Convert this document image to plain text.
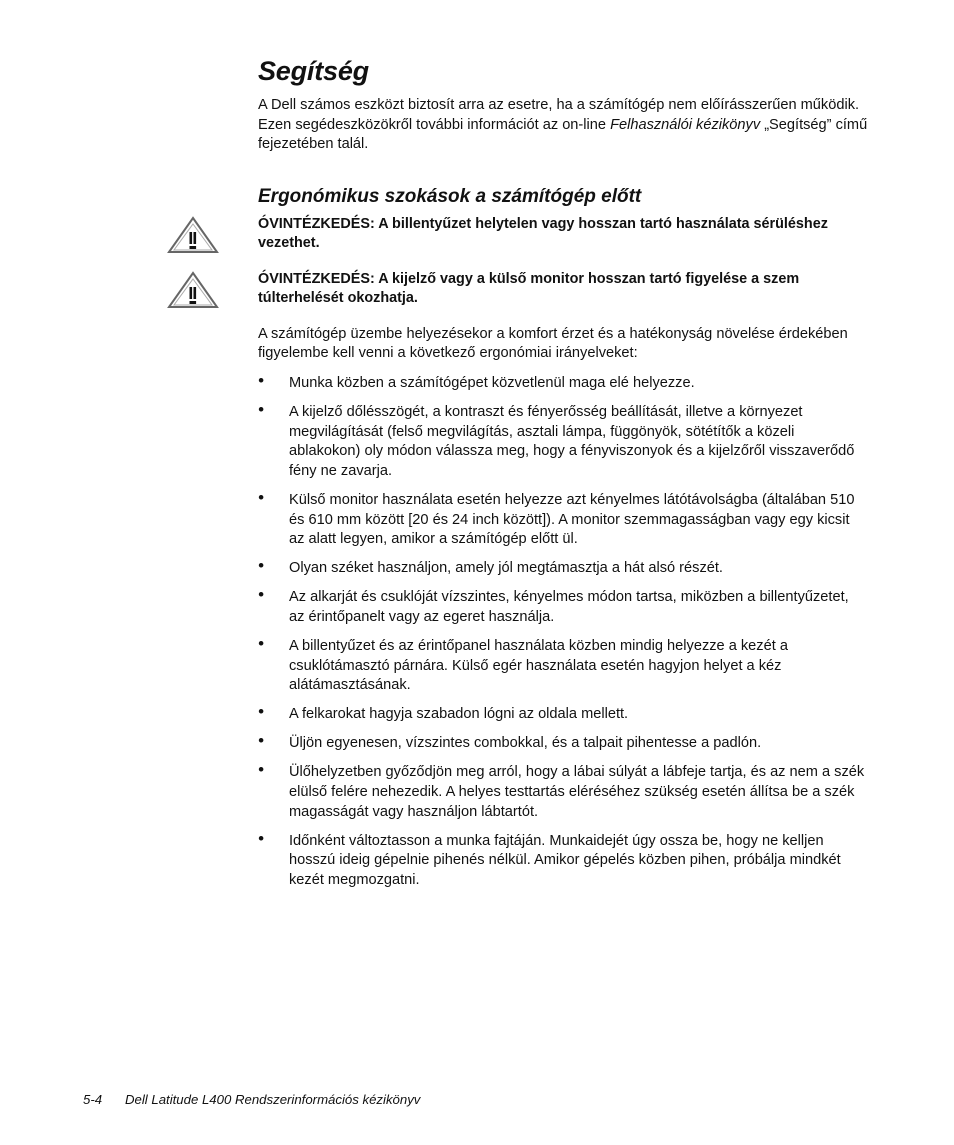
Segítség

A Dell számos eszközt biztosít arra az esetre, ha a számítógép nem előírásszerűen működik. Ezen segédeszközökről további információt az on-line Felhasználói kézikönyv „Segítség” című fejezetében talál.

Ergonómikus szokások a számítógép előtt
ÓVINTÉZKEDÉS: A billentyűzet helytelen vagy hosszan tartó használata sérüléshez vezethet.
ÓVINTÉZKEDÉS: A kijelző vagy a külső monitor hosszan tartó figyelése a szem túlterhelését okozhatja.

A számítógép üzembe helyezésekor a komfort érzet és a hatékonyság növelése érdekében figyelembe kell venni a következő ergonómiai irányelveket:

• Munka közben a számítógépet közvetlenül maga elé helyezze.
• A kijelző dőlésszögét, a kontraszt és fényerősség beállítását, illetve a környezet megvilágítását (felső megvilágítás, asztali lámpa, függönyök, sötétítők a közeli ablakokon) oly módon válassza meg, hogy a fényviszonyok és a kijelzőről visszaverődő fény ne zavarja.
• Külső monitor használata esetén helyezze azt kényelmes látótávolságba (általában 510 és 610 mm között [20 és 24 inch között]). A monitor szemmagasságban vagy egy kicsit az alatt legyen, amikor a számítógép előtt ül.
• Olyan széket használjon, amely jól megtámasztja a hát alsó részét.
• Az alkarját és csuklóját vízszintes, kényelmes módon tartsa, miközben a billentyűzetet, az érintőpanelt vagy az egeret használja.
• A billentyűzet és az érintőpanel használata közben mindig helyezze a kezét a csuklótámasztó párnára. Külső egér használata esetén hagyjon helyet a kéz alátámasztásának.
• A felkarokat hagyja szabadon lógni az oldala mellett.
• Üljön egyenesen, vízszintes combokkal, és a talpait pihentesse a padlón.
• Ülőhelyzetben győződjön meg arról, hogy a lábai súlyát a lábfeje tartja, és az nem a szék elülső felére nehezedik. A helyes testtartás eléréséhez szükség esetén állítsa be a szék magasságát vagy használjon lábtartót.
• Időnként változtasson a munka fajtáján. Munkaidejét úgy ossza be, hogy ne kelljen hosszú ideig gépelnie pihenés nélkül. Amikor gépelés közben pihen, próbálja mindkét kezét megmozgatni.
5-4 Dell Latitude L400 Rendszerinformációs kézikönyv
